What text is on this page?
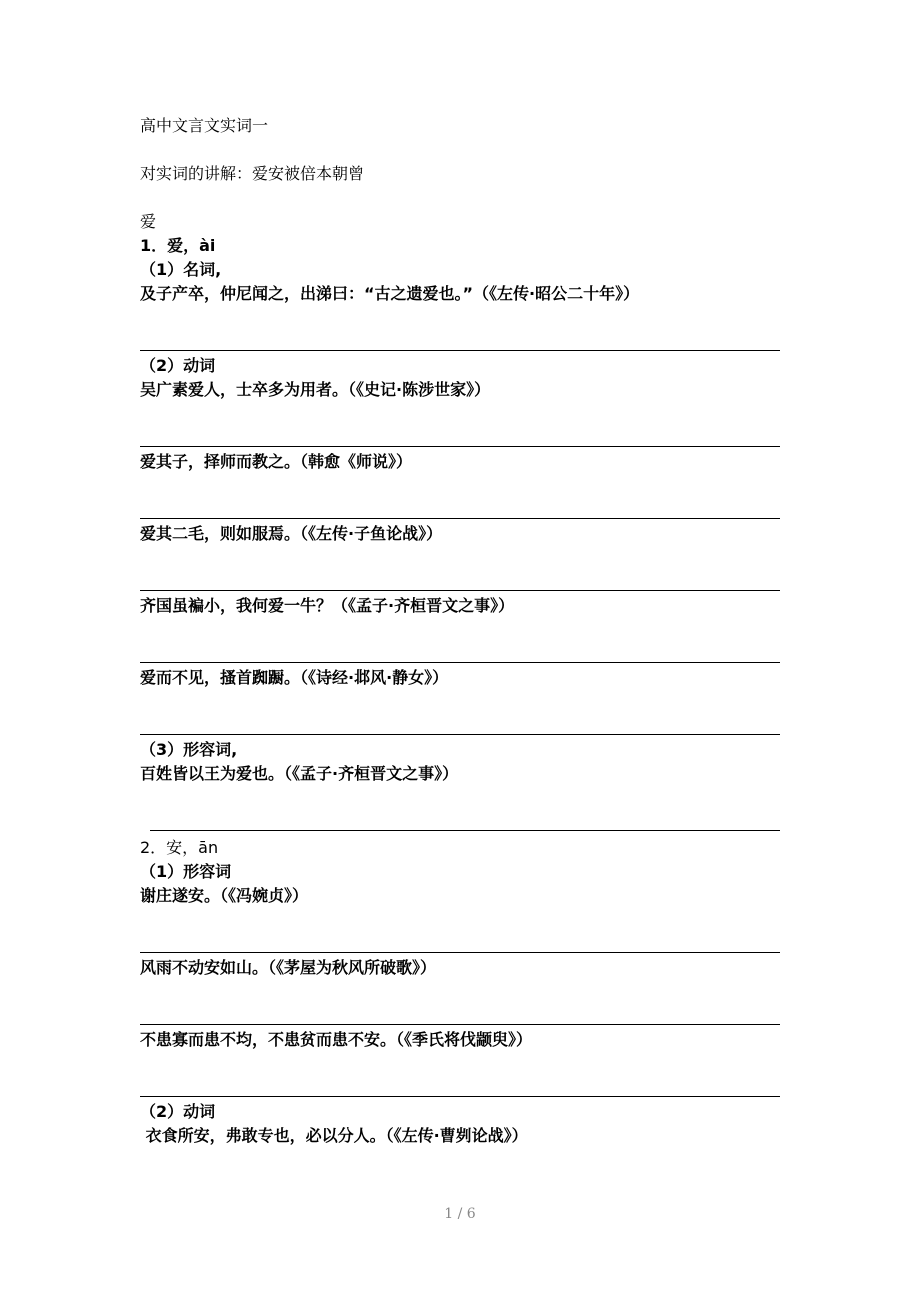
高中文言文实词一
对实词的讲解：爱安被倍本朝曾
爱
1．爱，ài
（1）名词,
及子产卒，仲尼闻之，出涕曰：“古之遗爱也。”（《左传·昭公二十年》）
（2）动词
吴广素爱人，士卒多为用者。（《史记·陈涉世家》）
爱其子，择师而教之。（韩愈《师说》）
爱其二毛，则如服焉。（《左传·子鱼论战》）
齐国虽褊小，我何爱一牛？（《孟子·齐桓晋文之事》）
爱而不见，搔首踟蹰。（《诗经·邶风·静女》）
（3）形容词,
百姓皆以王为爱也。（《孟子·齐桓晋文之事》）
2．安，ān
（1）形容词
谢庄遂安。（《冯婉贞》）
风雨不动安如山。（《茅屋为秋风所破歌》）
不患寡而患不均，不患贫而患不安。（《季氏将伐颛臾》）
（2）动词
衣食所安，弗敢专也，必以分人。（《左传·曹刿论战》）
1 / 6
